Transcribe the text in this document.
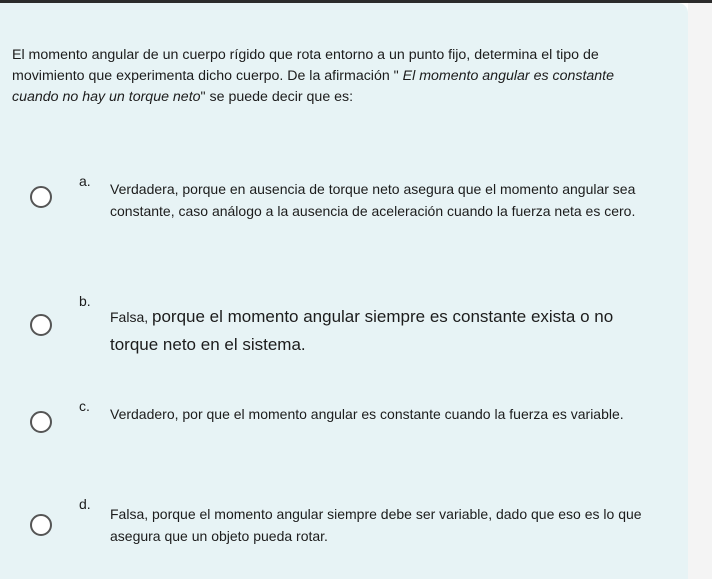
El momento angular de un cuerpo rígido que rota entorno a un punto fijo, determina el tipo de movimiento que experimenta dicho cuerpo. De la afirmación " El momento angular es constante cuando no hay un torque neto" se puede decir que es:
a. Verdadera, porque en ausencia de torque neto asegura que el momento angular sea constante, caso análogo a la ausencia de aceleración cuando la fuerza neta es cero.
b.
Falsa, porque el momento angular siempre es constante exista o no torque neto en el sistema.
c. Verdadero, por que el momento angular es constante cuando la fuerza es variable.
d.
Falsa, porque el momento angular siempre debe ser variable, dado que eso es lo que asegura que un objeto pueda rotar.
